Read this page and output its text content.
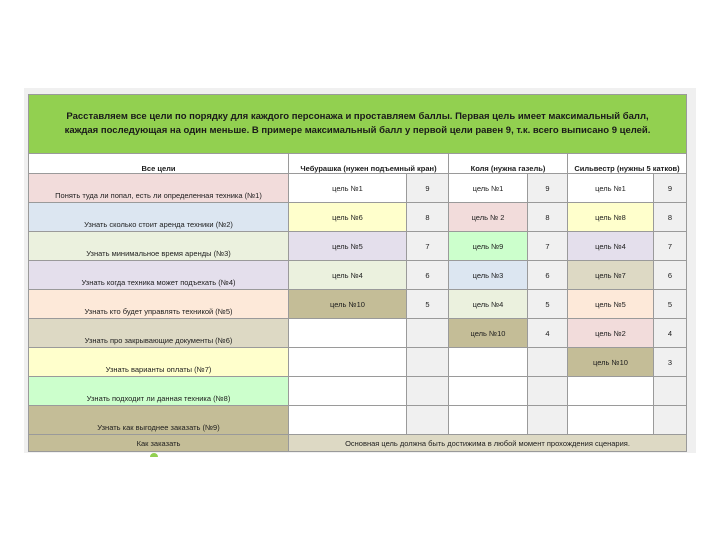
Расставляем все цели по порядку для каждого персонажа и проставляем баллы. Первая цель имеет максимальный балл, каждая последующая на один меньше. В примере максимальный балл у первой цели равен 9, т.к. всего выписано 9 целей.						
Все цели	Чебурашка (нужен подъемный кран)		Коля (нужна газель)		Сильвестр (нужны 5 катков)	
Понять туда ли попал, есть ли определенная техника (№1)	цель №1	9	цель №1	9	цель №1	9
Узнать сколько стоит аренда техники (№2)	цель №6	8	цель № 2	8	цель №8	8
Узнать минимальное время аренды (№3)	цель №5	7	цель №9	7	цель №4	7
Узнать когда техника может подъехать (№4)	цель №4	6	цель №3	6	цель №7	6
Узнать кто будет управлять техникой (№5)	цель №10	5	цель №4	5	цель №5	5
Узнать про закрывающие документы (№6)			цель №10	4	цель №2	4
Узнать варианты оплаты (№7)					цель №10	3
Узнать подходит ли данная техника (№8)						
Узнать как выгоднее заказать (№9)						
Как заказать	Основная цель должна быть достижима в любой момент прохождения сценария.					
